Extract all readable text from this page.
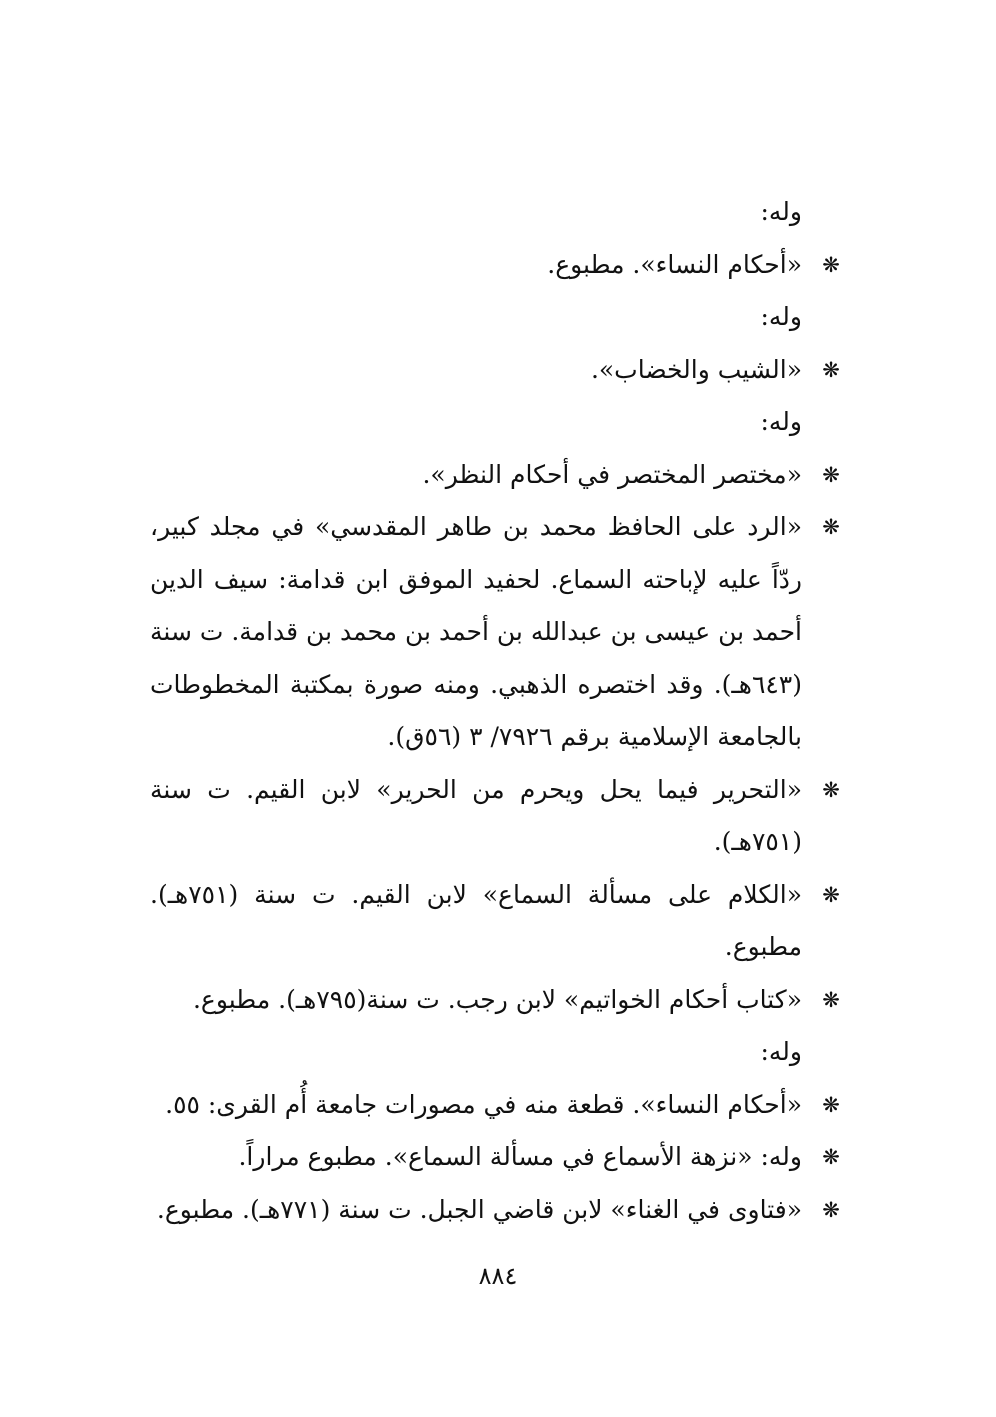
وله:
❋
«أحكام النساء». مطبوع.
وله:
❋
«الشيب والخضاب».
وله:
❋
«مختصر المختصر في أحكام النظر».
❋
«الرد على الحافظ محمد بن طاهر المقدسي» في مجلد كبير، ردّاً عليه لإباحته السماع. لحفيد الموفق ابن قدامة: سيف الدين أحمد بن عيسى بن عبدالله بن أحمد بن محمد بن قدامة. ت سنة (٦٤٣هـ). وقد اختصره الذهبي. ومنه صورة بمكتبة المخطوطات بالجامعة الإسلامية برقم ٧٩٢٦/ ٣ (٥٦ق).
❋
«التحرير فيما يحل ويحرم من الحرير» لابن القيم. ت سنة (٧٥١هـ).
❋
«الكلام على مسألة السماع» لابن القيم. ت سنة (٧٥١هـ). مطبوع.
❋
«كتاب أحكام الخواتيم» لابن رجب. ت سنة(٧٩٥هـ). مطبوع.
وله:
❋
«أحكام النساء». قطعة منه في مصورات جامعة أُم القرى: ٥٥.
❋
وله: «نزهة الأسماع في مسألة السماع». مطبوع مراراً.
❋
«فتاوى في الغناء» لابن قاضي الجبل. ت سنة (٧٧١هـ). مطبوع.
٨٨٤
